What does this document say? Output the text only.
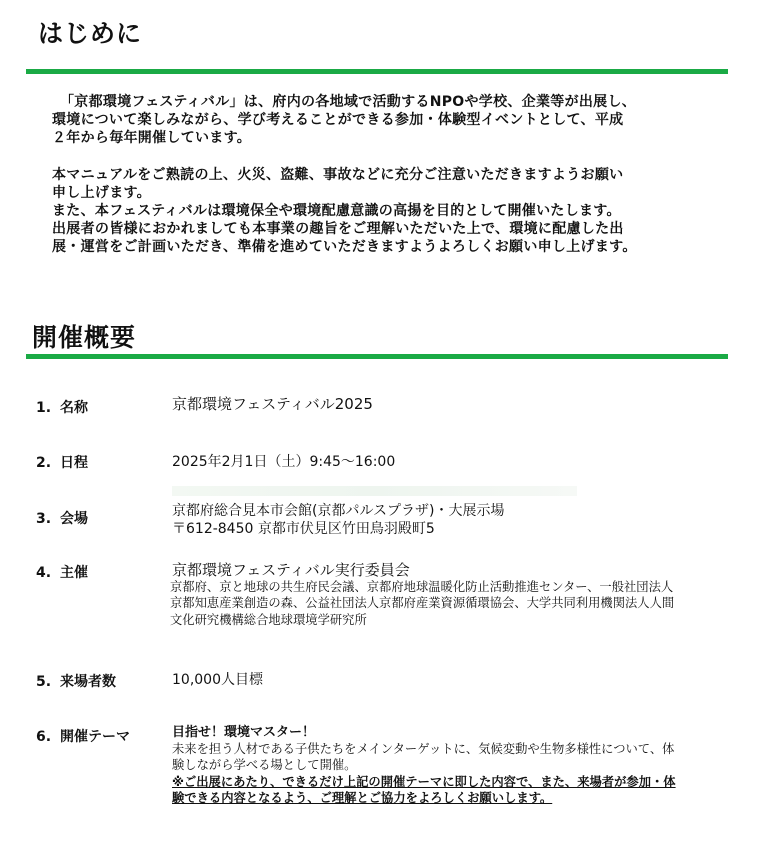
はじめに

「京都環境フェスティバル」は、府内の各地域で活動するNPOや学校、企業等が出展し、

環境について楽しみながら、学び考えることができる参加・体験型イベントとして、平成

２年から毎年開催しています。

本マニュアルをご熟読の上、火災、盗難、事故などに充分ご注意いただきますようお願い

申し上げます。

また、本フェスティバルは環境保全や環境配慮意識の高揚を目的として開催いたします。

出展者の皆様におかれましても本事業の趣旨をご理解いただいた上で、環境に配慮した出

展・運営をご計画いただき、準備を進めていただきますようよろしくお願い申し上げます。

開催概要
1. 名称	京都環境フェスティバル2025
2. 日程	2025年2月1日（土）9:45～16:00
3. 会場	京都府総合見本市会館(京都パルスプラザ)・大展示場
〒612-8450 京都市伏見区竹田鳥羽殿町5
4. 主催	京都環境フェスティバル実行委員会
京都府、京と地球の共生府民会議、京都府地球温暖化防止活動推進センター、一般社団法人
京都知恵産業創造の森、公益社団法人京都府産業資源循環協会、大学共同利用機関法人人間
文化研究機構総合地球環境学研究所
5. 来場者数	10,000人目標
6. 開催テーマ	目指せ！環境マスター！
未来を担う人材である子供たちをメインターゲットに、気候変動や生物多様性について、体
験しながら学べる場として開催。
※ご出展にあたり、できるだけ上記の開催テーマに即した内容で、また、来場者が参加・体
験できる内容となるよう、ご理解とご協力をよろしくお願いします。
